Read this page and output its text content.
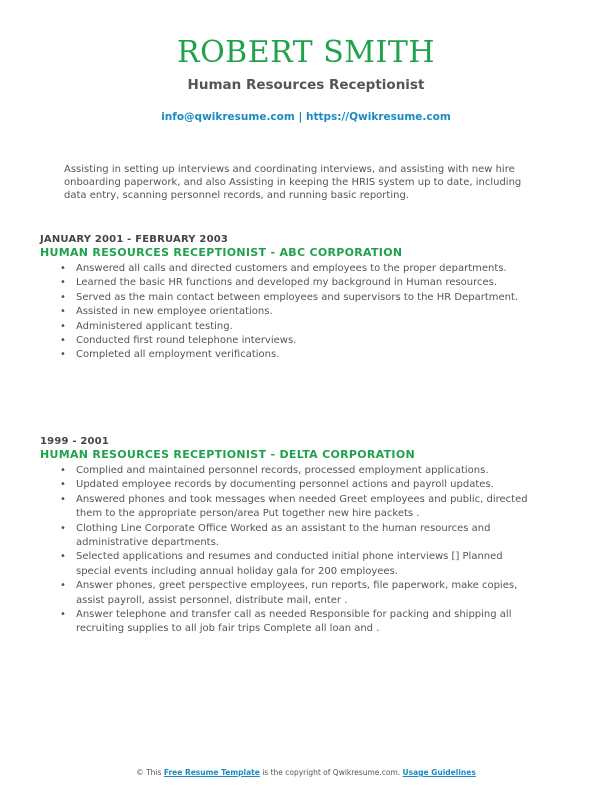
ROBERT SMITH
Human Resources Receptionist
info@qwikresume.com | https://Qwikresume.com
Assisting in setting up interviews and coordinating interviews, and assisting with new hire onboarding paperwork, and also Assisting in keeping the HRIS system up to date, including data entry, scanning personnel records, and running basic reporting.
JANUARY 2001 - FEBRUARY 2003
HUMAN RESOURCES RECEPTIONIST - ABC CORPORATION
• Answered all calls and directed customers and employees to the proper departments.
• Learned the basic HR functions and developed my background in Human resources.
• Served as the main contact between employees and supervisors to the HR Department.
• Assisted in new employee orientations.
• Administered applicant testing.
• Conducted first round telephone interviews.
• Completed all employment verifications.
1999 - 2001
HUMAN RESOURCES RECEPTIONIST - DELTA CORPORATION
• Complied and maintained personnel records, processed employment applications.
• Updated employee records by documenting personnel actions and payroll updates.
• Answered phones and took messages when needed Greet employees and public, directed them to the appropriate person/area Put together new hire packets .
• Clothing Line Corporate Office Worked as an assistant to the human resources and administrative departments.
• Selected applications and resumes and conducted initial phone interviews [] Planned special events including annual holiday gala for 200 employees.
• Answer phones, greet perspective employees, run reports, file paperwork, make copies, assist payroll, assist personnel, distribute mail, enter .
• Answer telephone and transfer call as needed Responsible for packing and shipping all recruiting supplies to all job fair trips Complete all loan and .
© This Free Resume Template is the copyright of Qwikresume.com. Usage Guidelines
